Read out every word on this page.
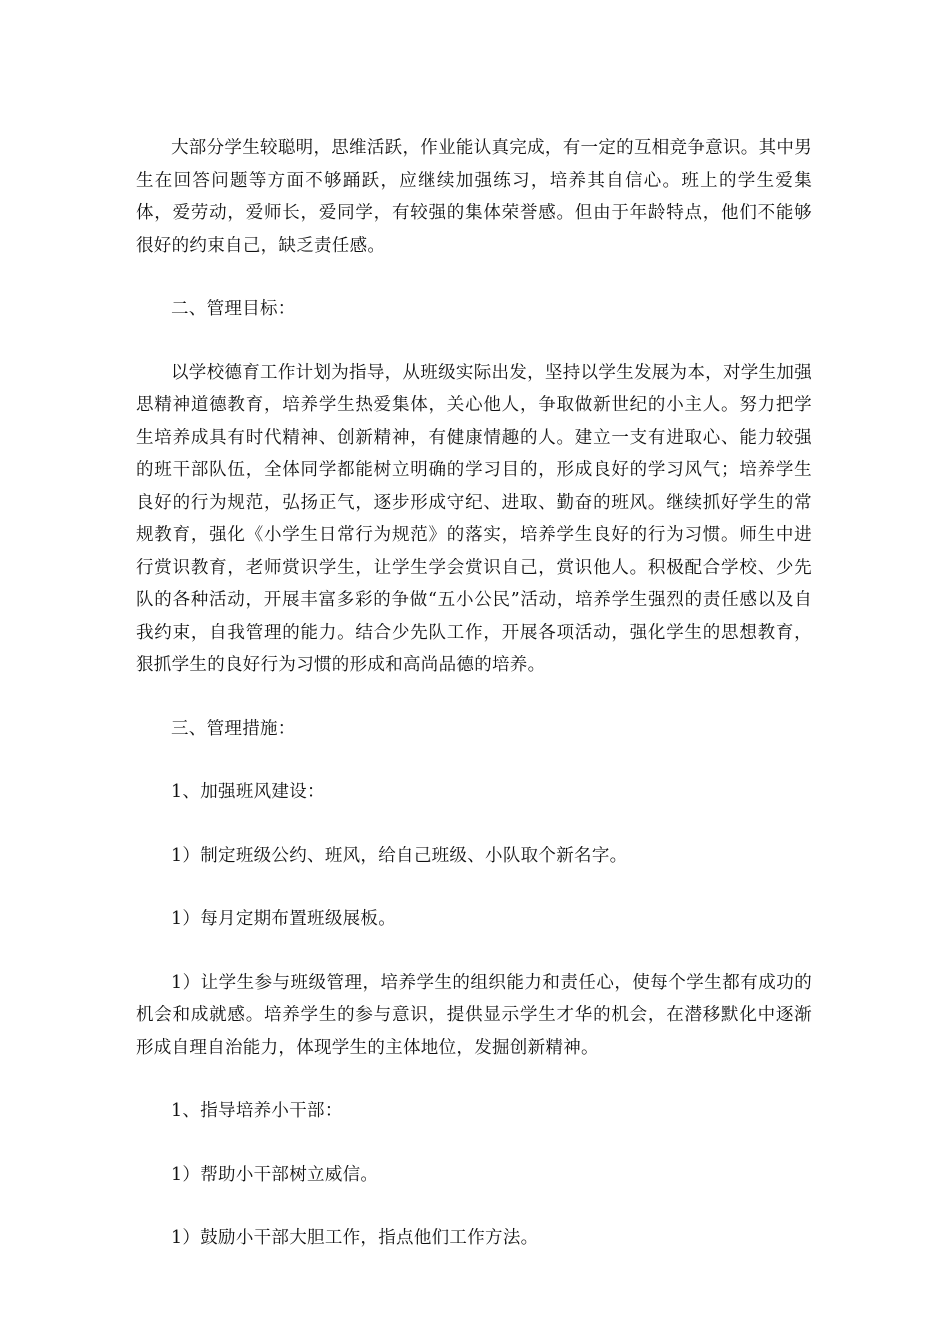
大部分学生较聪明，思维活跃，作业能认真完成，有一定的互相竞争意识。其中男生在回答问题等方面不够踊跃，应继续加强练习，培养其自信心。班上的学生爱集体，爱劳动，爱师长，爱同学，有较强的集体荣誉感。但由于年龄特点，他们不能够很好的约束自己，缺乏责任感。

二、管理目标：

以学校德育工作计划为指导，从班级实际出发，坚持以学生发展为本，对学生加强思精神道德教育，培养学生热爱集体，关心他人，争取做新世纪的小主人。努力把学生培养成具有时代精神、创新精神，有健康情趣的人。建立一支有进取心、能力较强的班干部队伍，全体同学都能树立明确的学习目的，形成良好的学习风气；培养学生良好的行为规范，弘扬正气，逐步形成守纪、进取、勤奋的班风。继续抓好学生的常规教育，强化《小学生日常行为规范》的落实，培养学生良好的行为习惯。师生中进行赏识教育，老师赏识学生，让学生学会赏识自己，赏识他人。积极配合学校、少先队的各种活动，开展丰富多彩的争做“五小公民”活动，培养学生强烈的责任感以及自我约束，自我管理的能力。结合少先队工作，开展各项活动，强化学生的思想教育，狠抓学生的良好行为习惯的形成和高尚品德的培养。

三、管理措施：

1、加强班风建设：

1）制定班级公约、班风，给自己班级、小队取个新名字。

1）每月定期布置班级展板。

1）让学生参与班级管理，培养学生的组织能力和责任心，使每个学生都有成功的机会和成就感。培养学生的参与意识，提供显示学生才华的机会，在潜移默化中逐渐形成自理自治能力，体现学生的主体地位，发掘创新精神。

1、指导培养小干部：

1）帮助小干部树立威信。

1）鼓励小干部大胆工作，指点他们工作方法。
